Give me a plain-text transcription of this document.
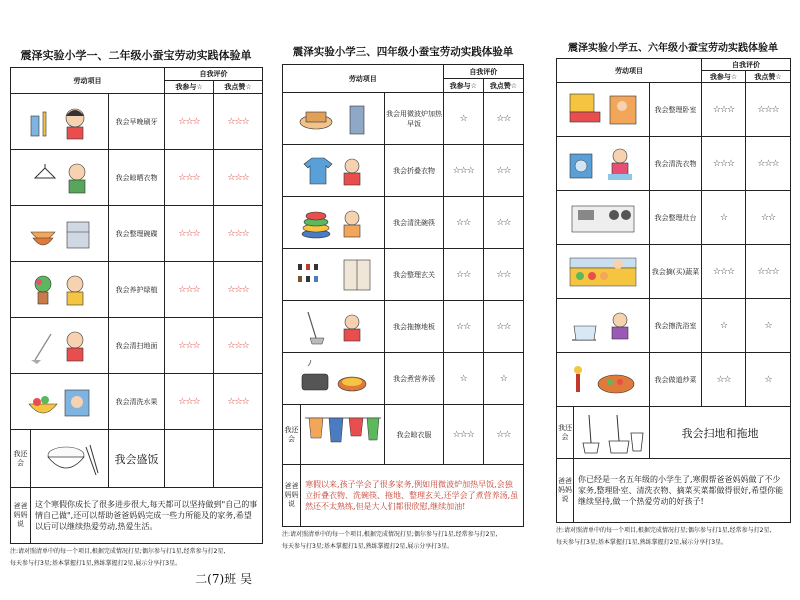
震泽实验小学一、二年级小蚕宝劳动实践体验单
劳动项目			自我评价	
			我参与☆	我点赞☆

	我会早晚刷牙	☆☆☆	☆☆☆

	我会晾晒衣物	☆☆☆	☆☆☆

	我会整理碗碟	☆☆☆	☆☆☆

	我会养护绿植	☆☆☆	☆☆☆

	我会清扫地面	☆☆☆	☆☆☆

	我会清洗水果	☆☆☆	☆☆☆
我还会		我会盛饭		
爸爸妈妈说	这个寒假你成长了很多进步很大,每天都可以坚持做到"自己的事情自己做",还可以帮助爸爸妈妈完成一些力所能及的家务,希望以后可以继续热爱劳动,热爱生活。			
注:请对照清单中的每一个项目,根据完成情况打星;偶尔参与打1星,经常参与打2星,
每天参与打3星;基本掌握打1星,熟练掌握打2星,展示分享打3星。
二(7)班 吴
震泽实验小学三、四年级小蚕宝劳动实践体验单
劳动项目			自我评价	
			我参与☆	我点赞☆

	我会用微波炉加热早饭	☆	☆☆

	我会折叠衣物	☆☆☆	☆☆

	我会清洗碗筷	☆☆	☆☆

	我会整理玄关	☆☆	☆☆

	我会拖擦地板	☆☆	☆☆

	我会煮营养汤	☆	☆
我还会		我会晾衣服	☆☆☆	☆☆
爸爸妈妈说	寒假以来,孩子学会了很多家务,例如用微波炉加热早饭,会独立折叠衣物、洗碗筷、拖地、整理玄关,还学会了煮营养汤,虽然还不太熟练,但是大人们都很欣慰,继续加油!			
注:请对照清单中的每一个项目,根据完成情况打星;偶尔参与打1星,经常参与打2星,
每天参与打3星;基本掌握打1星,熟练掌握打2星,展示分享打3星。
震泽实验小学五、六年级小蚕宝劳动实践体验单
劳动项目			自我评价	
			我参与☆	我点赞☆

	我会整理卧室	☆☆☆	☆☆☆

	我会清洗衣物	☆☆☆	☆☆☆

	我会整理灶台	☆	☆☆

	我会摘(买)蔬菜	☆☆☆	☆☆☆

	我会擦洗浴室	☆	☆

	我会做道炒菜	☆☆	☆
我还会		我会扫地和拖地		
爸爸妈妈说	你已经是一名五年级的小学生了,寒假帮爸爸妈妈做了不少家务,整理卧室、清洗衣物、摘菜买菜都做得很好,希望你能继续坚持,做一个热爱劳动的好孩子!			
注:请对照清单中的每一个项目,根据完成情况打星;偶尔参与打1星,经常参与打2星,
每天参与打3星;基本掌握打1星,熟练掌握打2星,展示分享打3星。
